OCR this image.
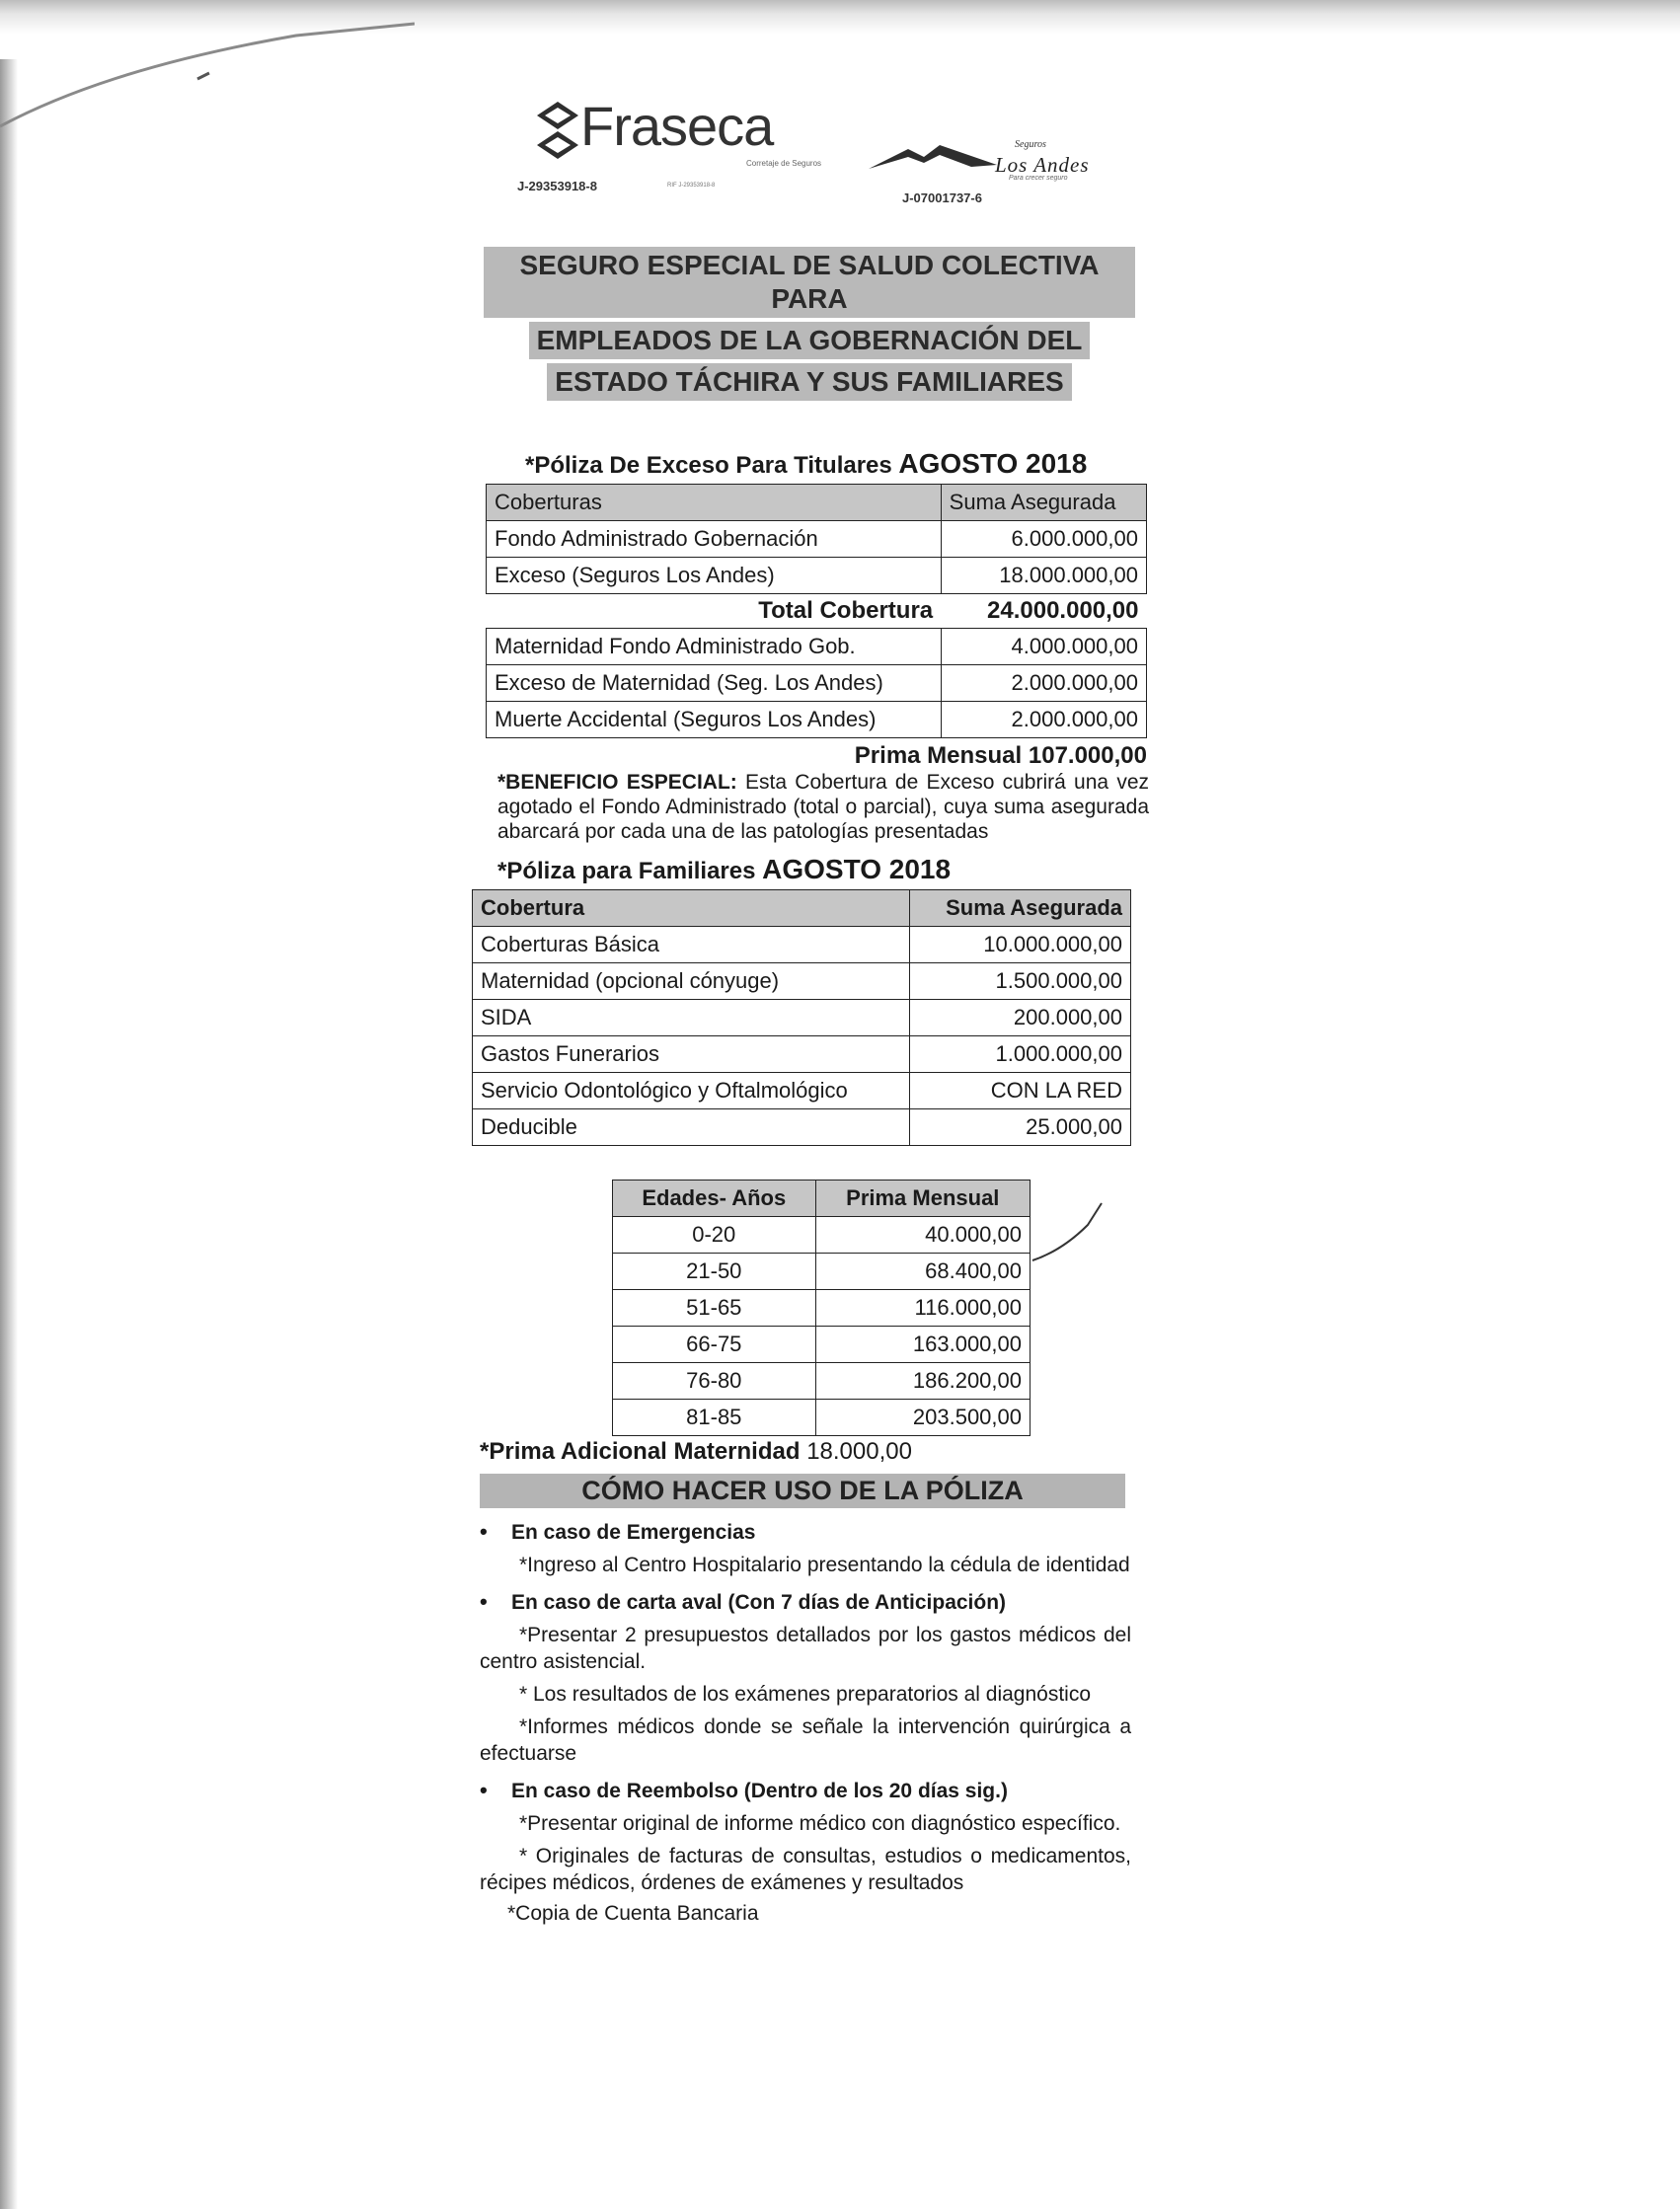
Fraseca
Corretaje de Seguros
J-29353918-8	RIF J-29353918-8
Seguros
Los Andes
Para crecer seguro
J-07001737-6
SEGURO ESPECIAL DE SALUD COLECTIVA PARA
EMPLEADOS DE LA GOBERNACIÓN DEL
ESTADO TÁCHIRA Y SUS FAMILIARES
*Póliza De Exceso Para Titulares AGOSTO 2018
Coberturas	Suma Asegurada
Fondo Administrado Gobernación	6.000.000,00
Exceso (Seguros Los Andes)	18.000.000,00
Total Cobertura	24.000.000,00
Maternidad Fondo Administrado Gob.	4.000.000,00
Exceso de Maternidad (Seg. Los Andes)	2.000.000,00
Muerte Accidental (Seguros Los Andes)	2.000.000,00
Prima Mensual 107.000,00
*BENEFICIO ESPECIAL: Esta Cobertura de Exceso cubrirá una vez agotado el Fondo Administrado (total o parcial), cuya suma asegurada abarcará por cada una de las patologías presentadas
*Póliza para Familiares AGOSTO 2018
Cobertura	Suma Asegurada
Coberturas Básica	10.000.000,00
Maternidad (opcional cónyuge)	1.500.000,00
SIDA	200.000,00
Gastos Funerarios	1.000.000,00
Servicio Odontológico y Oftalmológico	CON LA RED
Deducible	25.000,00
Edades- Años	Prima Mensual
0-20	40.000,00
21-50	68.400,00
51-65	116.000,00
66-75	163.000,00
76-80	186.200,00
81-85	203.500,00
*Prima Adicional Maternidad 18.000,00
CÓMO HACER USO DE LA PÓLIZA
• En caso de Emergencias
*Ingreso al Centro Hospitalario presentando la cédula de identidad
• En caso de carta aval (Con 7 días de Anticipación)
*Presentar 2 presupuestos detallados por los gastos médicos del centro asistencial.
* Los resultados de los exámenes preparatorios al diagnóstico
*Informes médicos donde se señale la intervención quirúrgica a efectuarse
• En caso de Reembolso (Dentro de los 20 días sig.)
*Presentar original de informe médico con diagnóstico específico.
* Originales de facturas de consultas, estudios o medicamentos, récipes médicos, órdenes de exámenes y resultados
*Copia de Cuenta Bancaria
